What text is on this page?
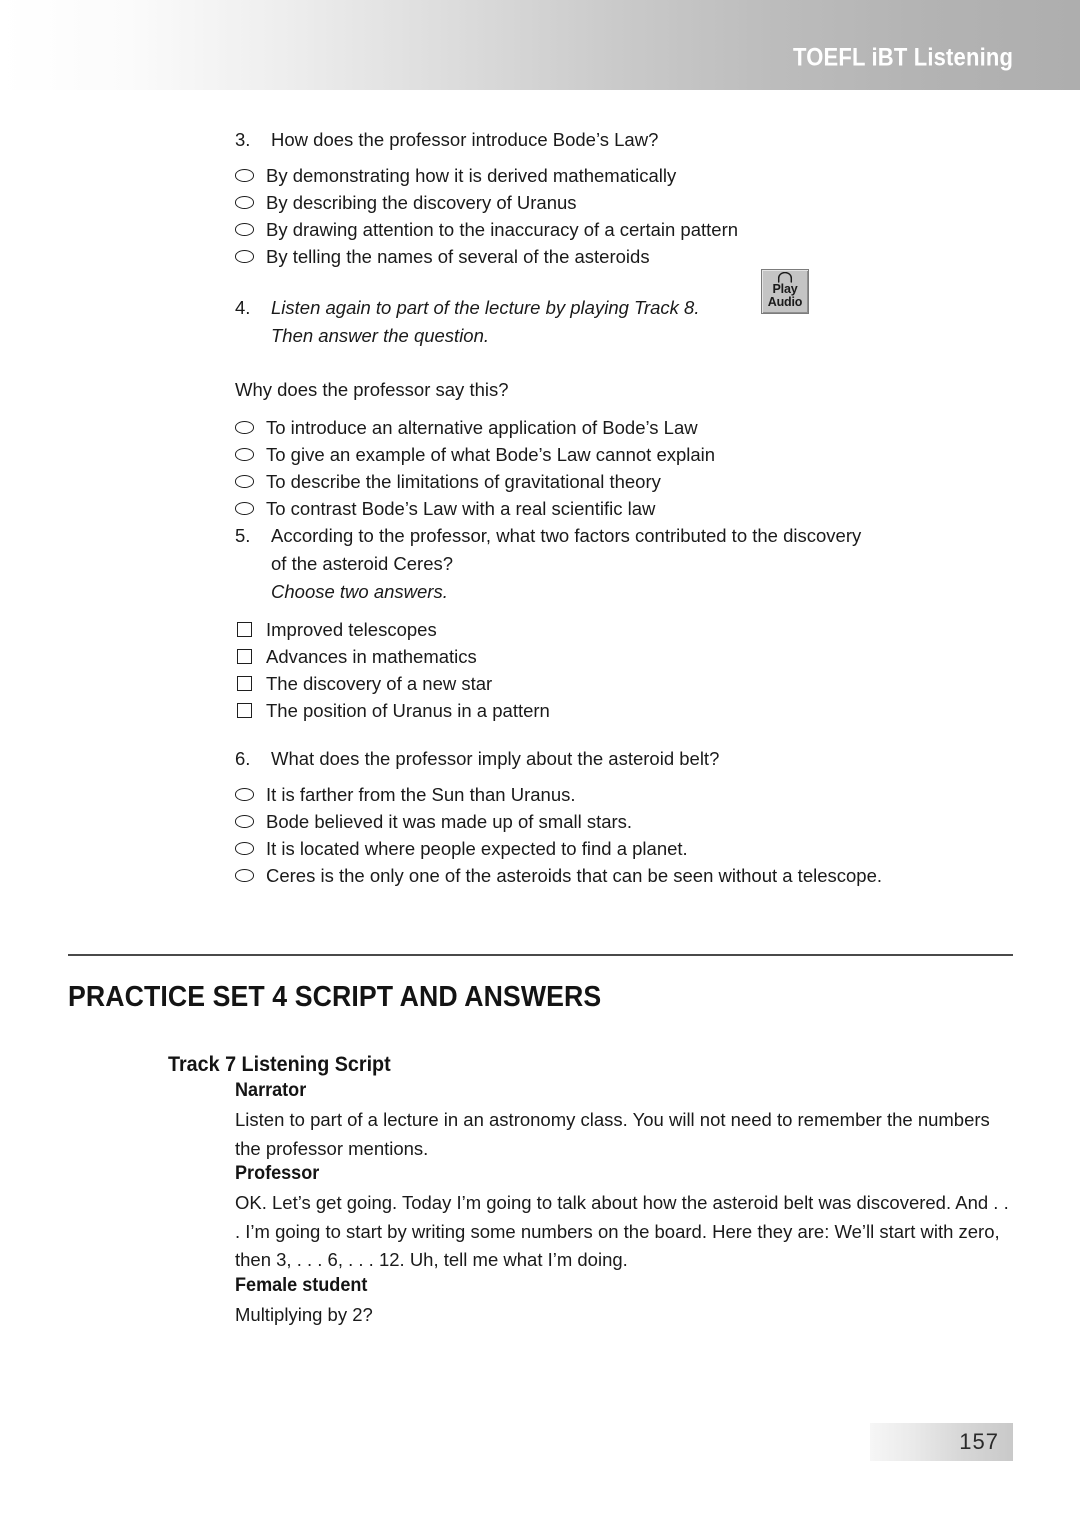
TOEFL iBT Listening
3.	How does the professor introduce Bode’s Law?
By demonstrating how it is derived mathematically
By describing the discovery of Uranus
By drawing attention to the inaccuracy of a certain pattern
By telling the names of several of the asteroids
4.	Listen again to part of the lecture by playing Track 8.
Then answer the question.
Why does the professor say this?
To introduce an alternative application of Bode’s Law
To give an example of what Bode’s Law cannot explain
To describe the limitations of gravitational theory
To contrast Bode’s Law with a real scientific law
Play
Audio
5.	According to the professor, what two factors contributed to the discovery
of the asteroid Ceres?
Choose two answers.
Improved telescopes
Advances in mathematics
The discovery of a new star
The position of Uranus in a pattern
6.	What does the professor imply about the asteroid belt?
It is farther from the Sun than Uranus.
Bode believed it was made up of small stars.
It is located where people expected to find a planet.
Ceres is the only one of the asteroids that can be seen without a telescope.
PRACTICE SET 4 SCRIPT AND ANSWERS
Track 7 Listening Script
Narrator
Listen to part of a lecture in an astronomy class. You will not need to remember the numbers the professor mentions.
Professor
OK. Let’s get going. Today I’m going to talk about how the asteroid belt was discovered. And . . . I’m going to start by writing some numbers on the board. Here they are: We’ll start with zero, then 3, . . . 6, . . . 12. Uh, tell me what I’m doing.
Female student
Multiplying by 2?
157
